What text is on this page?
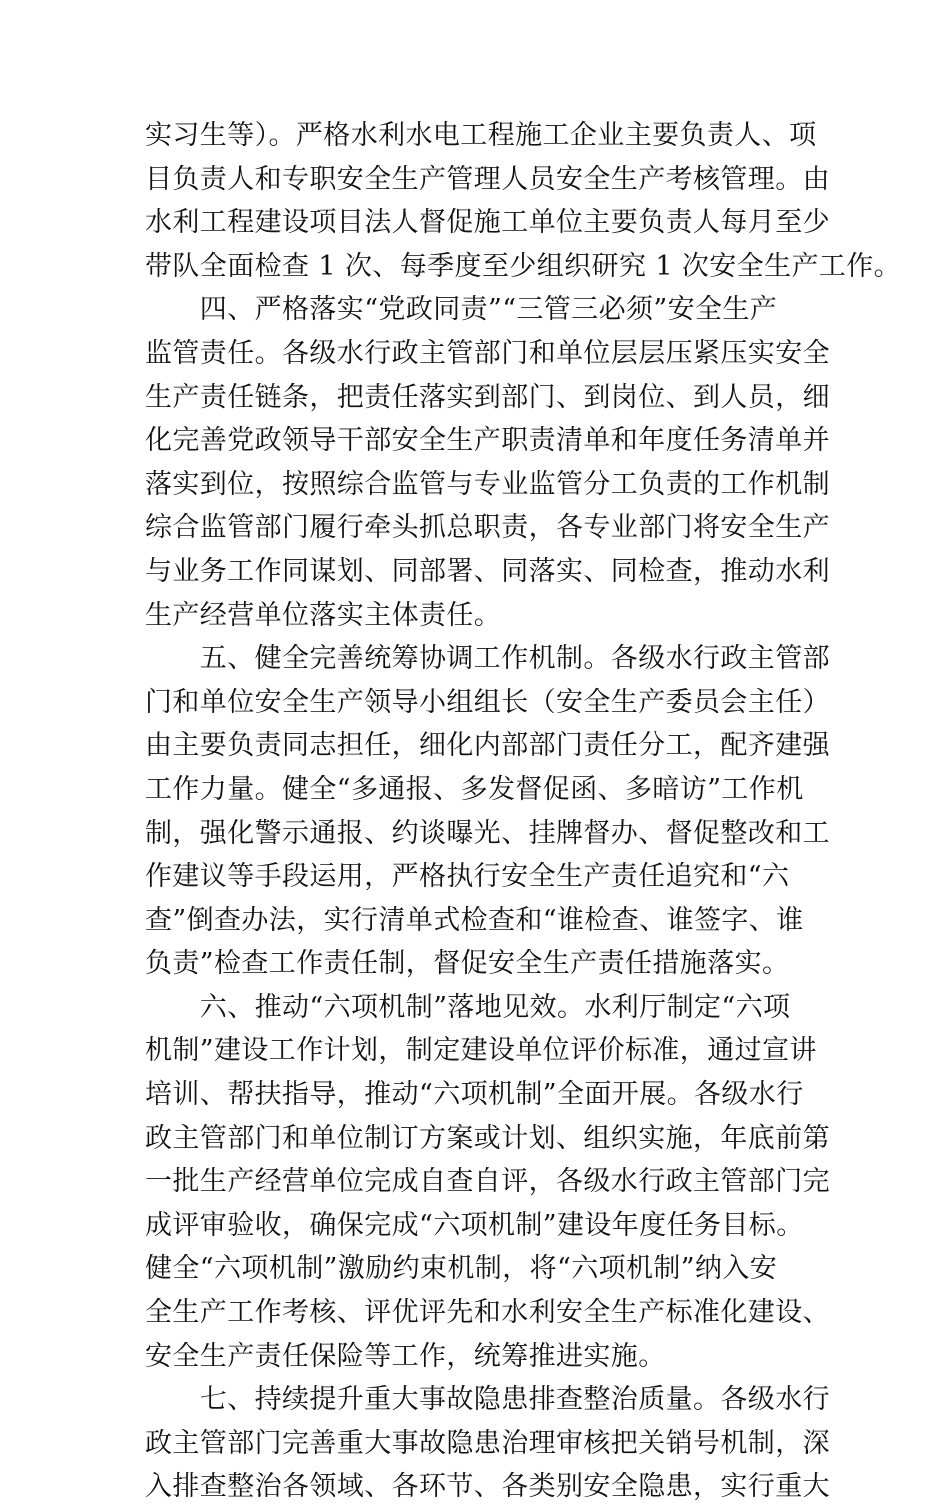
实习生等）。严格水利水电工程施工企业主要负责人、项
目负责人和专职安全生产管理人员安全生产考核管理。由
水利工程建设项目法人督促施工单位主要负责人每月至少
带队全面检查 1 次、每季度至少组织研究 1 次安全生产工作。
　　四、严格落实“党政同责”“三管三必须”安全生产
监管责任。各级水行政主管部门和单位层层压紧压实安全
生产责任链条，把责任落实到部门、到岗位、到人员，细
化完善党政领导干部安全生产职责清单和年度任务清单并
落实到位，按照综合监管与专业监管分工负责的工作机制
综合监管部门履行牵头抓总职责，各专业部门将安全生产
与业务工作同谋划、同部署、同落实、同检查，推动水利
生产经营单位落实主体责任。
　　五、健全完善统筹协调工作机制。各级水行政主管部
门和单位安全生产领导小组组长（安全生产委员会主任）
由主要负责同志担任，细化内部部门责任分工，配齐建强
工作力量。健全“多通报、多发督促函、多暗访”工作机
制，强化警示通报、约谈曝光、挂牌督办、督促整改和工
作建议等手段运用，严格执行安全生产责任追究和“六
查”倒查办法，实行清单式检查和“谁检查、谁签字、谁
负责”检查工作责任制，督促安全生产责任措施落实。
　　六、推动“六项机制”落地见效。水利厅制定“六项
机制”建设工作计划，制定建设单位评价标准，通过宣讲
培训、帮扶指导，推动“六项机制”全面开展。各级水行
政主管部门和单位制订方案或计划、组织实施，年底前第
一批生产经营单位完成自查自评，各级水行政主管部门完
成评审验收，确保完成“六项机制”建设年度任务目标。
健全“六项机制”激励约束机制，将“六项机制”纳入安
全生产工作考核、评优评先和水利安全生产标准化建设、
安全生产责任保险等工作，统筹推进实施。
　　七、持续提升重大事故隐患排查整治质量。各级水行
政主管部门完善重大事故隐患治理审核把关销号机制，深
入排查整治各领域、各环节、各类别安全隐患，实行重大
